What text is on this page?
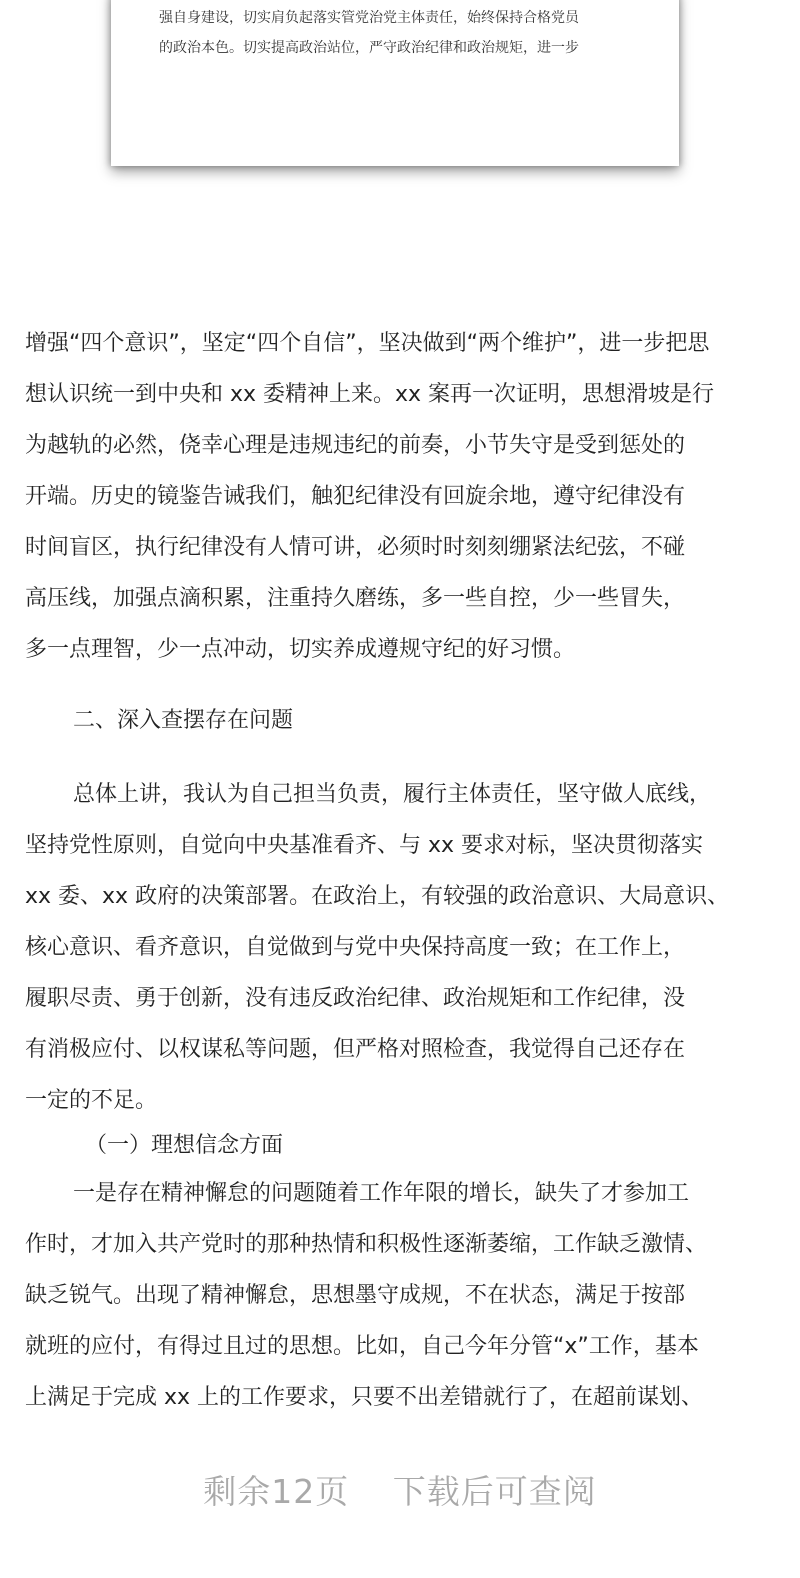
强自身建设，切实肩负起落实管党治党主体责任，始终保持合格党员
的政治本色。切实提高政治站位，严守政治纪律和政治规矩，进一步

增强“四个意识”，坚定“四个自信”，坚决做到“两个维护”，进一步把思

想认识统一到中央和 xx 委精神上来。xx 案再一次证明，思想滑坡是行

为越轨的必然，侥幸心理是违规违纪的前奏，小节失守是受到惩处的

开端。历史的镜鉴告诫我们，触犯纪律没有回旋余地，遵守纪律没有

时间盲区，执行纪律没有人情可讲，必须时时刻刻绷紧法纪弦，不碰

高压线，加强点滴积累，注重持久磨练，多一些自控，少一些冒失，

多一点理智，少一点冲动，切实养成遵规守纪的好习惯。

二、深入查摆存在问题

总体上讲，我认为自己担当负责，履行主体责任，坚守做人底线，

坚持党性原则，自觉向中央基准看齐、与 xx 要求对标，坚决贯彻落实

xx 委、xx 政府的决策部署。在政治上，有较强的政治意识、大局意识、

核心意识、看齐意识，自觉做到与党中央保持高度一致；在工作上，

履职尽责、勇于创新，没有违反政治纪律、政治规矩和工作纪律，没

有消极应付、以权谋私等问题，但严格对照检查，我觉得自己还存在

一定的不足。

（一）理想信念方面

一是存在精神懈怠的问题随着工作年限的增长，缺失了才参加工

作时，才加入共产党时的那种热情和积极性逐渐萎缩，工作缺乏激情、

缺乏锐气。出现了精神懈怠，思想墨守成规，不在状态，满足于按部

就班的应付，有得过且过的思想。比如，自己今年分管“x”工作，基本

上满足于完成 xx 上的工作要求，只要不出差错就行了，在超前谋划、

剩余12页 下载后可查阅
